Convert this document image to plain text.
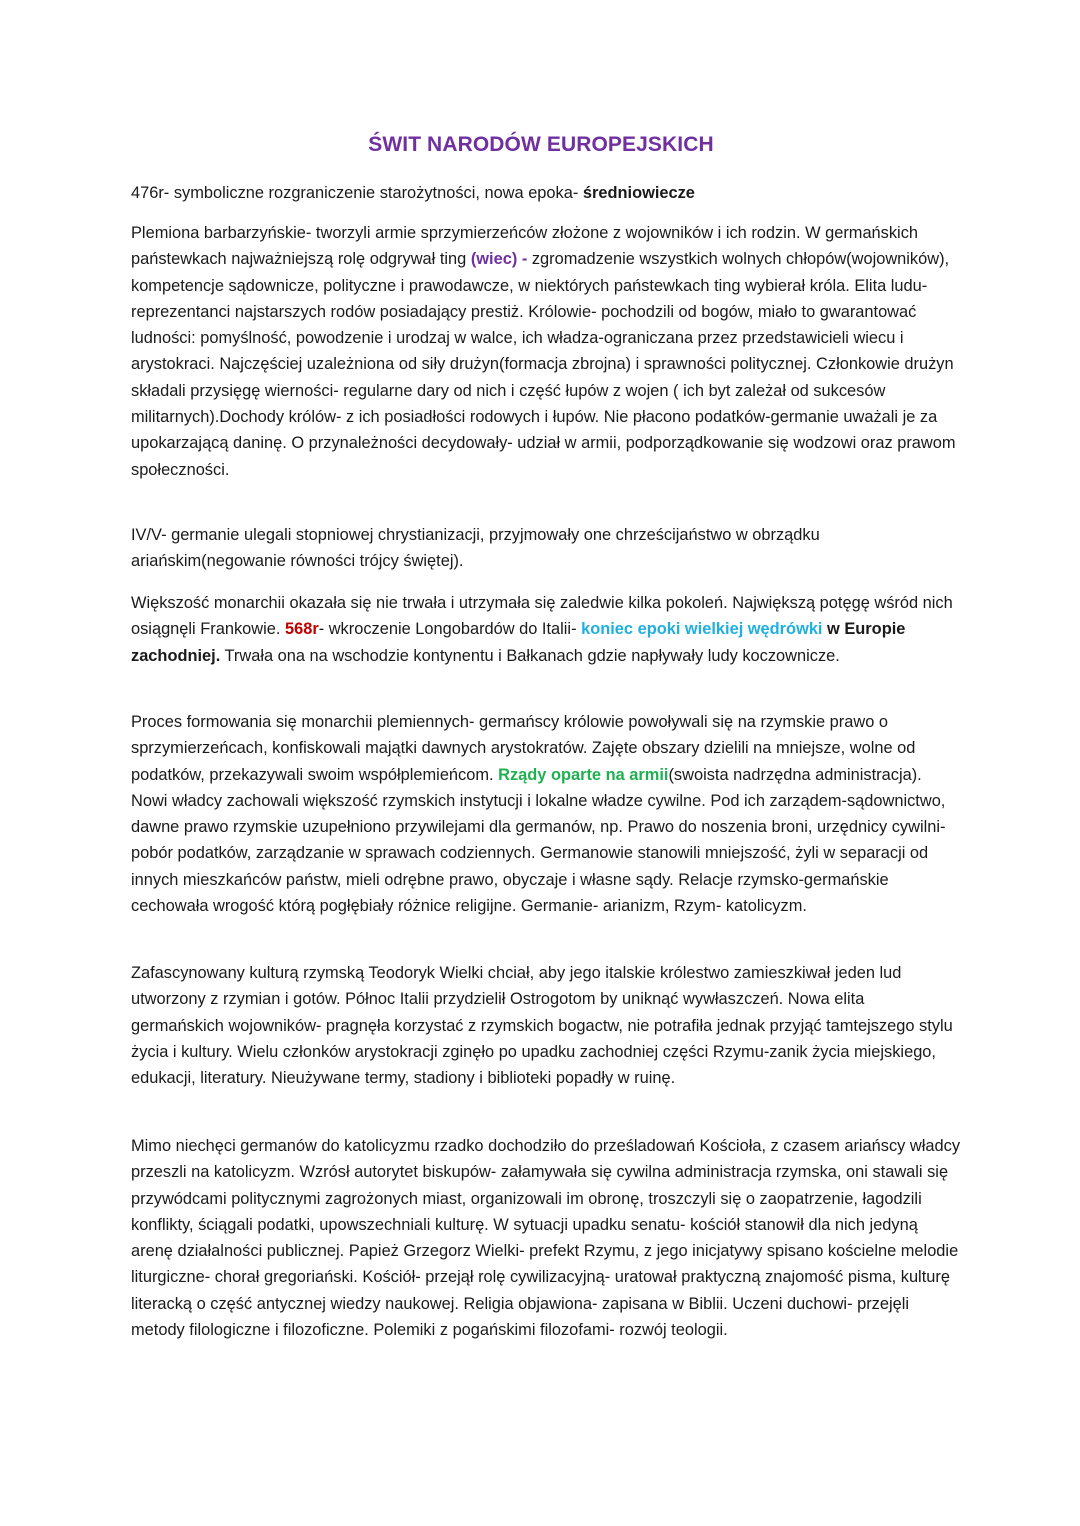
ŚWIT NARODÓW EUROPEJSKICH

476r- symboliczne rozgraniczenie starożytności, nowa epoka- średniowiecze

Plemiona barbarzyńskie- tworzyli armie sprzymierzeńców złożone z wojowników i ich rodzin. W germańskich państewkach najważniejszą rolę odgrywał ting (wiec) - zgromadzenie wszystkich wolnych chłopów(wojowników), kompetencje sądownicze, polityczne i prawodawcze, w niektórych państewkach ting wybierał króla. Elita ludu- reprezentanci najstarszych rodów posiadający prestiż. Królowie- pochodzili od bogów, miało to gwarantować ludności: pomyślność, powodzenie i urodzaj w walce, ich władza-ograniczana przez przedstawicieli wiecu i arystokraci. Najczęściej uzależniona od siły drużyn(formacja zbrojna) i sprawności politycznej. Członkowie drużyn składali przysięgę wierności- regularne dary od nich i część łupów z wojen ( ich byt zależał od sukcesów militarnych).Dochody królów- z ich posiadłości rodowych i łupów. Nie płacono podatków-germanie uważali je za upokarzającą daninę. O przynależności decydowały- udział w armii, podporządkowanie się wodzowi oraz prawom społeczności.

IV/V- germanie ulegali stopniowej chrystianizacji, przyjmowały one chrześcijaństwo w obrządku ariańskim(negowanie równości trójcy świętej).

Większość monarchii okazała się nie trwała i utrzymała się zaledwie kilka pokoleń. Największą potęgę wśród nich osiągnęli Frankowie. 568r- wkroczenie Longobardów do Italii- koniec epoki wielkiej wędrówki w Europie zachodniej. Trwała ona na wschodzie kontynentu i Bałkanach gdzie napływały ludy koczownicze.

Proces formowania się monarchii plemiennych- germańscy królowie powoływali się na rzymskie prawo o sprzymierzeńcach, konfiskowali majątki dawnych arystokratów. Zajęte obszary dzielili na mniejsze, wolne od podatków, przekazywali swoim współplemieńcom. Rządy oparte na armii(swoista nadrzędna administracja). Nowi władcy zachowali większość rzymskich instytucji i lokalne władze cywilne. Pod ich zarządem-sądownictwo, dawne prawo rzymskie uzupełniono przywilejami dla germanów, np. Prawo do noszenia broni, urzędnicy cywilni- pobór podatków, zarządzanie w sprawach codziennych. Germanowie stanowili mniejszość, żyli w separacji od innych mieszkańców państw, mieli odrębne prawo, obyczaje i własne sądy. Relacje rzymsko-germańskie cechowała wrogość którą pogłębiały różnice religijne. Germanie- arianizm, Rzym- katolicyzm.

Zafascynowany kulturą rzymską Teodoryk Wielki chciał, aby jego italskie królestwo zamieszkiwał jeden lud utworzony z rzymian i gotów. Północ Italii przydzielił Ostrogotom by uniknąć wywłaszczeń. Nowa elita germańskich wojowników- pragnęła korzystać z rzymskich bogactw, nie potrafiła jednak przyjąć tamtejszego stylu życia i kultury. Wielu członków arystokracji zginęło po upadku zachodniej części Rzymu-zanik życia miejskiego, edukacji, literatury. Nieużywane termy, stadiony i biblioteki popadły w ruinę.

Mimo niechęci germanów do katolicyzmu rzadko dochodziło do prześladowań Kościoła, z czasem ariańscy władcy przeszli na katolicyzm. Wzrósł autorytet biskupów- załamywała się cywilna administracja rzymska, oni stawali się przywódcami politycznymi zagrożonych miast, organizowali im obronę, troszczyli się o zaopatrzenie, łagodzili konflikty, ściągali podatki, upowszechniali kulturę. W sytuacji upadku senatu- kościół stanowił dla nich jedyną arenę działalności publicznej. Papież Grzegorz Wielki- prefekt Rzymu, z jego inicjatywy spisano kościelne melodie liturgiczne- chorał gregoriański. Kościół- przejął rolę cywilizacyjną- uratował praktyczną znajomość pisma, kulturę literacką o część antycznej wiedzy naukowej. Religia objawiona- zapisana w Biblii. Uczeni duchowi- przejęli metody filologiczne i filozoficzne. Polemiki z pogańskimi filozofami- rozwój teologii.
